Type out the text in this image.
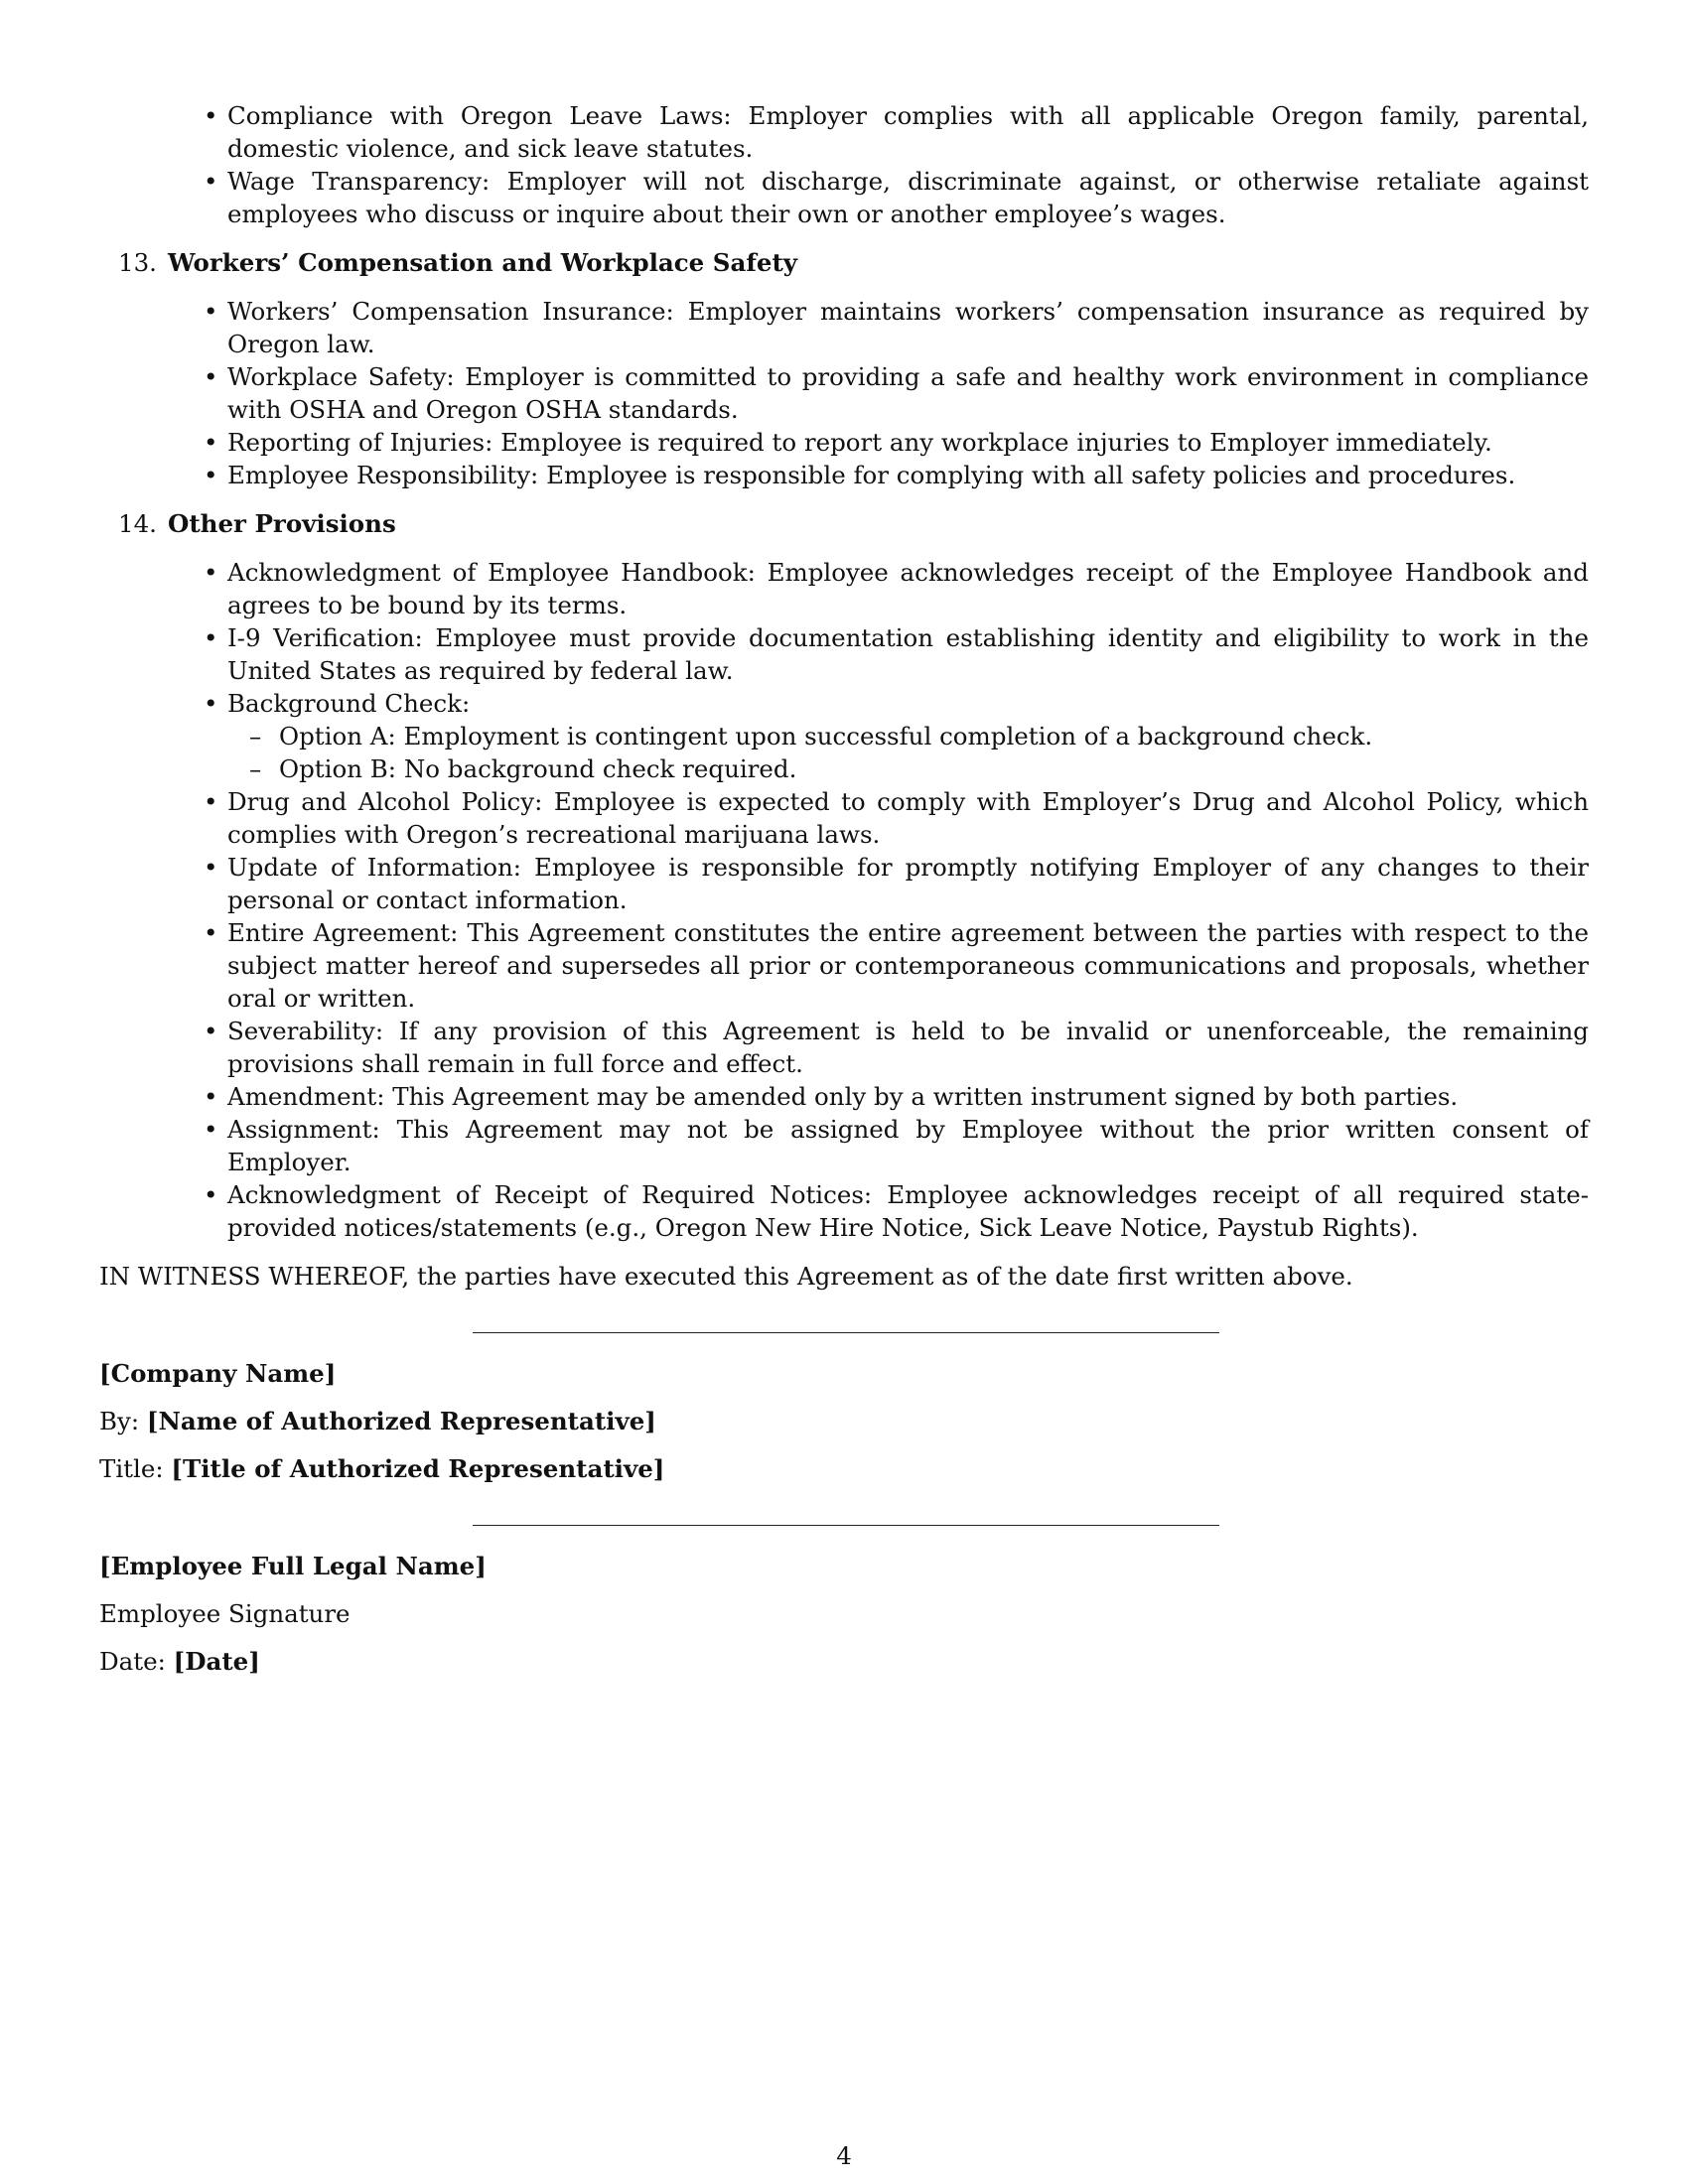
• Compliance with Oregon Leave Laws: Employer complies with all applicable Oregon family, parental, domestic violence, and sick leave statutes.
• Wage Transparency: Employer will not discharge, discriminate against, or otherwise retaliate against employees who discuss or inquire about their own or another employee’s wages.
13. Workers’ Compensation and Workplace Safety
• Workers’ Compensation Insurance: Employer maintains workers’ compensation insurance as required by Oregon law.
• Workplace Safety: Employer is committed to providing a safe and healthy work environment in compliance with OSHA and Oregon OSHA standards.
• Reporting of Injuries: Employee is required to report any workplace injuries to Employer immediately.
• Employee Responsibility: Employee is responsible for complying with all safety policies and procedures.
14. Other Provisions
• Acknowledgment of Employee Handbook: Employee acknowledges receipt of the Employee Handbook and agrees to be bound by its terms.
• I-9 Verification: Employee must provide documentation establishing identity and eligibility to work in the United States as required by federal law.
• Background Check:
– Option A: Employment is contingent upon successful completion of a background check.
– Option B: No background check required.
• Drug and Alcohol Policy: Employee is expected to comply with Employer’s Drug and Alcohol Policy, which complies with Oregon’s recreational marijuana laws.
• Update of Information: Employee is responsible for promptly notifying Employer of any changes to their personal or contact information.
• Entire Agreement: This Agreement constitutes the entire agreement between the parties with respect to the subject matter hereof and supersedes all prior or contemporaneous communications and proposals, whether oral or written.
• Severability: If any provision of this Agreement is held to be invalid or unenforceable, the remaining provisions shall remain in full force and effect.
• Amendment: This Agreement may be amended only by a written instrument signed by both parties.
• Assignment: This Agreement may not be assigned by Employee without the prior written consent of Employer.
• Acknowledgment of Receipt of Required Notices: Employee acknowledges receipt of all required state-provided notices/statements (e.g., Oregon New Hire Notice, Sick Leave Notice, Paystub Rights).
IN WITNESS WHEREOF, the parties have executed this Agreement as of the date first written above.
[Company Name]
By: [Name of Authorized Representative]
Title: [Title of Authorized Representative]
[Employee Full Legal Name]
Employee Signature
Date: [Date]
4
